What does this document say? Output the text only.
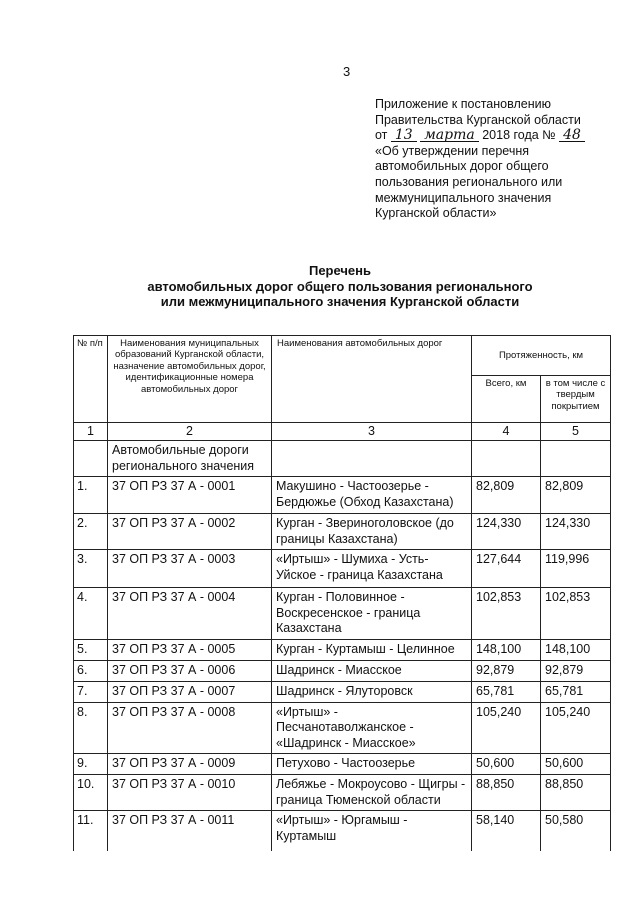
3
Приложение к постановлению
Правительства Курганской области
от 13 марта 2018 года № 48
«Об утверждении перечня
автомобильных дорог общего
пользования регионального или
межмуниципального значения
Курганской области»
Перечень
автомобильных дорог общего пользования регионального
или межмуниципального значения Курганской области
№ п/п	Наименования муниципальных образований Курганской области, назначение автомобильных дорог, идентификационные номера автомобильных дорог	Наименования автомобильных дорог	Протяженность, км	
			Всего, км	в том числе с твердым покрытием
1	2	3	4	5
	Автомобильные дороги регионального значения			
1.	37 ОП РЗ 37 А - 0001	Макушино - Частоозерье - Бердюжье (Обход Казахстана)	82,809	82,809
2.	37 ОП РЗ 37 А - 0002	Курган - Звериноголовское (до границы Казахстана)	124,330	124,330
3.	37 ОП РЗ 37 А - 0003	«Иртыш» - Шумиха - Усть-Уйское - граница Казахстана	127,644	119,996
4.	37 ОП РЗ 37 А - 0004	Курган - Половинное - Воскресенское - граница Казахстана	102,853	102,853
5.	37 ОП РЗ 37 А - 0005	Курган - Куртамыш - Целинное	148,100	148,100
6.	37 ОП РЗ 37 А - 0006	Шадринск - Миасское	92,879	92,879
7.	37 ОП РЗ 37 А - 0007	Шадринск - Ялуторовск	65,781	65,781
8.	37 ОП РЗ 37 А - 0008	«Иртыш» - Песчанотаволжанское - «Шадринск - Миасское»	105,240	105,240
9.	37 ОП РЗ 37 А - 0009	Петухово - Частоозерье	50,600	50,600
10.	37 ОП РЗ 37 А - 0010	Лебяжье - Мокроусово - Щигры - граница Тюменской области	88,850	88,850
11.	37 ОП РЗ 37 А - 0011	«Иртыш» - Юргамыш - Куртамыш	58,140	50,580
